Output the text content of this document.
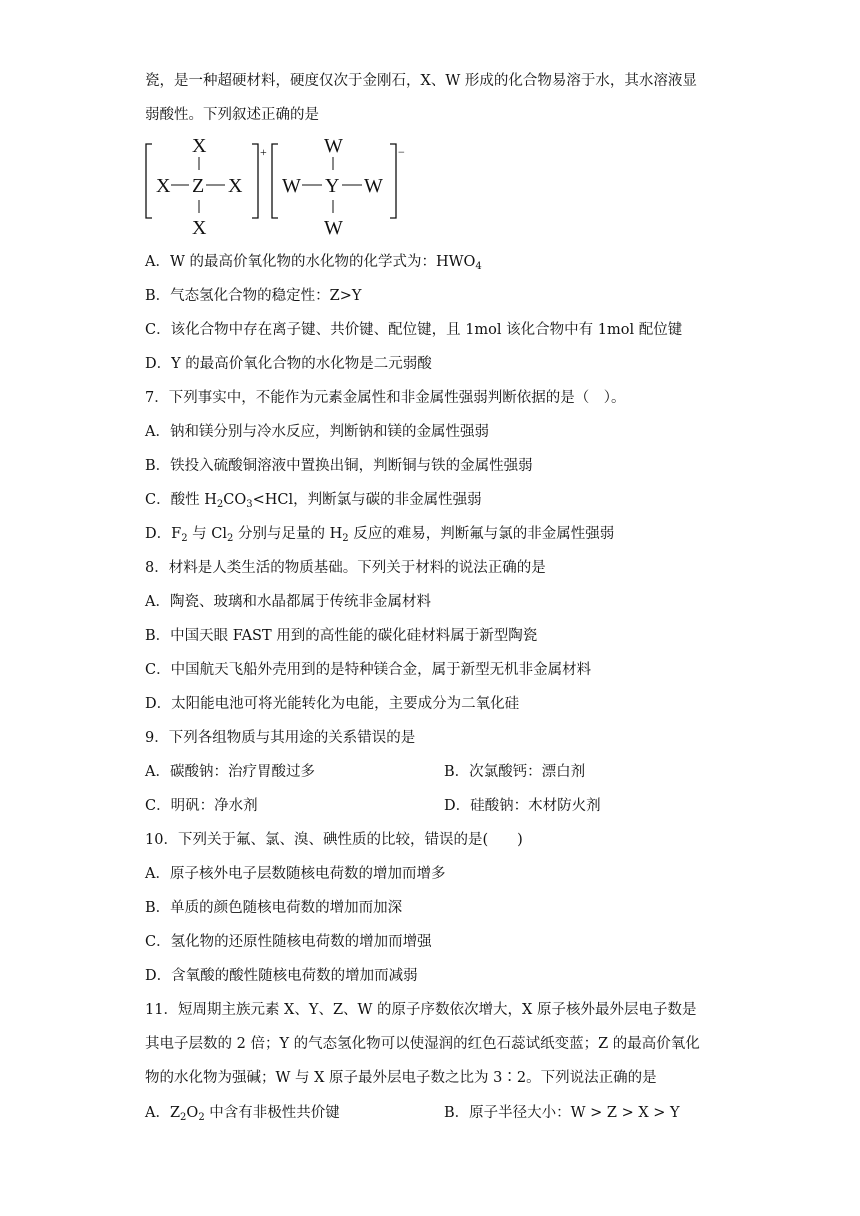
瓷，是一种超硬材料，硬度仅次于金刚石，X、W 形成的化合物易溶于水，其水溶液显
弱酸性。下列叙述正确的是
+
X
X Z X
X
−
W
W Y W
W
A．W 的最高价氧化物的水化物的化学式为：$HWO_4$
B．气态氢化合物的稳定性：Z>Y
C．该化合物中存在离子键、共价键、配位键，且 1mol 该化合物中有 1mol 配位键
D．Y 的最高价氧化合物的水化物是二元弱酸
7．下列事实中，不能作为元素金属性和非金属性强弱判断依据的是（　）。
A．钠和镁分别与冷水反应，判断钠和镁的金属性强弱
B．铁投入硫酸铜溶液中置换出铜，判断铜与铁的金属性强弱
C．酸性 $H_2CO_3<HCl$，判断氯与碳的非金属性强弱
D．$F_2$ 与 $Cl_2$ 分别与足量的 $H_2$ 反应的难易，判断氟与氯的非金属性强弱
8．材料是人类生活的物质基础。下列关于材料的说法正确的是
A．陶瓷、玻璃和水晶都属于传统非金属材料
B．中国天眼 FAST 用到的高性能的碳化硅材料属于新型陶瓷
C．中国航天飞船外壳用到的是特种镁合金，属于新型无机非金属材料
D．太阳能电池可将光能转化为电能，主要成分为二氧化硅
9．下列各组物质与其用途的关系错误的是
A．碳酸钠：治疗胃酸过多	B．次氯酸钙：漂白剂
C．明矾：净水剂	D．硅酸钠：木材防火剂
10．下列关于氟、氯、溴、碘性质的比较，错误的是(　　)
A．原子核外电子层数随核电荷数的增加而增多
B．单质的颜色随核电荷数的增加而加深
C．氢化物的还原性随核电荷数的增加而增强
D．含氧酸的酸性随核电荷数的增加而减弱
11．短周期主族元素 X、Y、Z、W 的原子序数依次增大，X 原子核外最外层电子数是
其电子层数的 2 倍；Y 的气态氢化物可以使湿润的红色石蕊试纸变蓝；Z 的最高价氧化
物的水化物为强碱；W 与 X 原子最外层电子数之比为 3∶2。下列说法正确的是
A．$Z_2O_2$ 中含有非极性共价键	B．原子半径大小：W > Z > X > Y
